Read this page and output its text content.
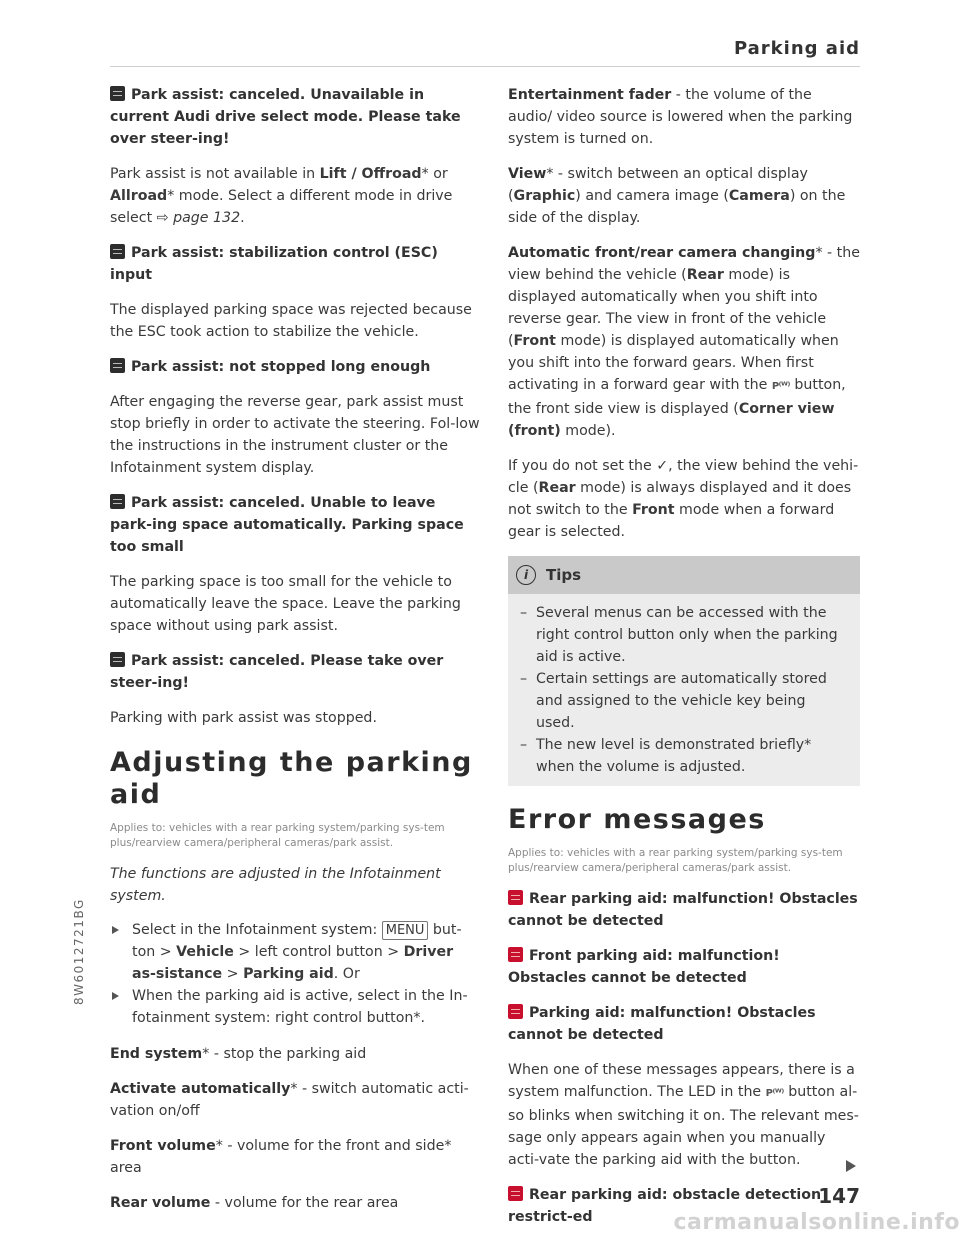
Parking aid
Park assist: canceled. Unavailable in current Audi drive select mode. Please take over steer-ing!

Park assist is not available in Lift / Offroad* or Allroad* mode. Select a different mode in drive select ⇨ page 132.

Park assist: stabilization control (ESC) input

The displayed parking space was rejected because the ESC took action to stabilize the vehicle.

Park assist: not stopped long enough

After engaging the reverse gear, park assist must stop briefly in order to activate the steering. Fol-low the instructions in the instrument cluster or the Infotainment system display.

Park assist: canceled. Unable to leave park-ing space automatically. Parking space too small

The parking space is too small for the vehicle to automatically leave the space. Leave the parking space without using park assist.

Park assist: canceled. Please take over steer-ing!

Parking with park assist was stopped.

Adjusting the parking aid
Applies to: vehicles with a rear parking system/parking sys-tem plus/rearview camera/peripheral cameras/park assist.

The functions are adjusted in the Infotainment system.

Select in the Infotainment system: MENU but-ton > Vehicle > left control button > Driver as-sistance > Parking aid. Or
When the parking aid is active, select in the In-fotainment system: right control button*.

End system* - stop the parking aid

Activate automatically* - switch automatic acti-vation on/off

Front volume* - volume for the front and side* area

Rear volume - volume for the rear area

Entertainment fader - the volume of the audio/ video source is lowered when the parking system is turned on.

View* - switch between an optical display (Graphic) and camera image (Camera) on the side of the display.

Automatic front/rear camera changing* - the view behind the vehicle (Rear mode) is displayed automatically when you shift into reverse gear. The view in front of the vehicle (Front mode) is displayed automatically when you shift into the forward gears. When first activating in a forward gear with the P⁽ᵂ⁾ button, the front side view is displayed (Corner view (front) mode).

If you do not set the ✓, the view behind the vehi-cle (Rear mode) is always displayed and it does not switch to the Front mode when a forward gear is selected.

i	Tips
– Several menus can be accessed with the right control button only when the parking aid is active.
– Certain settings are automatically stored and assigned to the vehicle key being used.
– The new level is demonstrated briefly* when the volume is adjusted.
Error messages
Applies to: vehicles with a rear parking system/parking sys-tem plus/rearview camera/peripheral cameras/park assist.
Rear parking aid: malfunction! Obstacles cannot be detected
Front parking aid: malfunction! Obstacles cannot be detected
Parking aid: malfunction! Obstacles cannot be detected

When one of these messages appears, there is a system malfunction. The LED in the P⁽ᵂ⁾ button al-so blinks when switching it on. The relevant mes-sage only appears again when you manually acti-vate the parking aid with the button.

Rear parking aid: obstacle detection restrict-ed
147
8W6012721BG
carmanualsonline.info
